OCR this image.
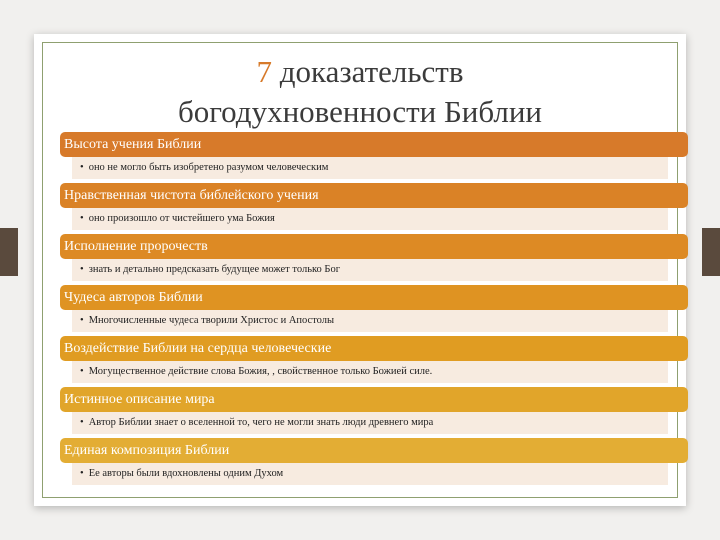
7 доказательств
богодухновенности Библии
Высота учения Библии
• оно не могло быть изобретено разумом человеческим
Нравственная чистота библейского учения
• оно произошло от чистейшего ума Божия
Исполнение пророчеств
• знать и детально предсказать будущее может только Бог
Чудеса авторов Библии
• Многочисленные чудеса творили Христос и Апостолы
Воздействие Библии на сердца человеческие
• Могущественное действие слова Божия, , свойственное только Божией силе.
Истинное описание мира
• Автор Библии знает о вселенной то, чего не могли знать люди древнего мира
Единая композиция Библии
• Ее авторы были вдохновлены одним Духом
